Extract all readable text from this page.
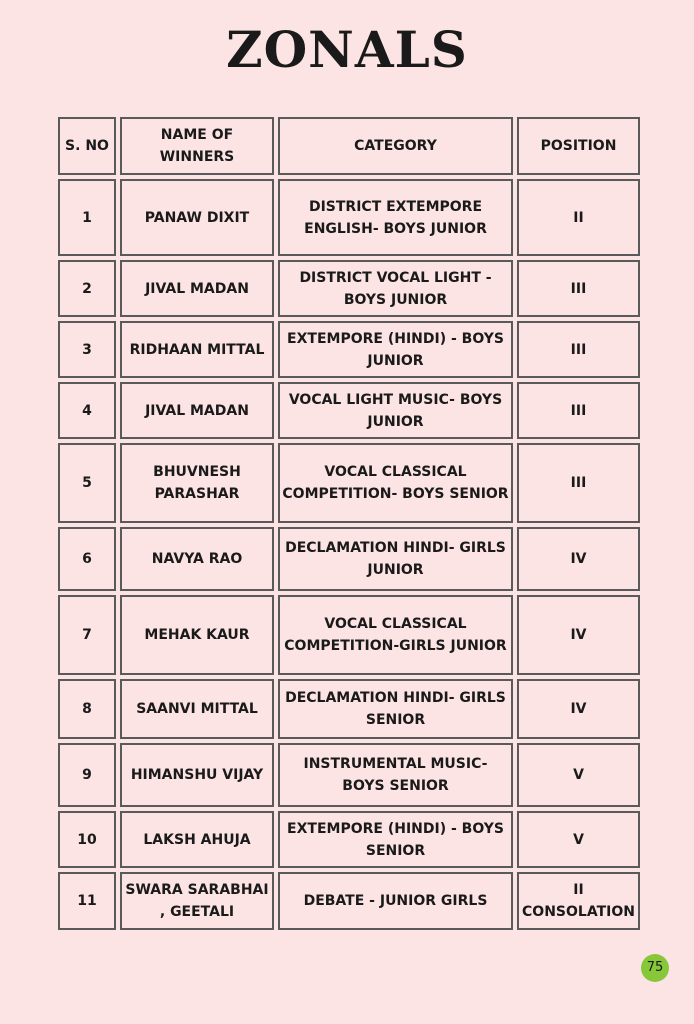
ZONALS
S. NO	NAME OF WINNERS	CATEGORY	POSITION
1	PANAW DIXIT	DISTRICT EXTEMPORE ENGLISH- BOYS JUNIOR	II
2	JIVAL MADAN	DISTRICT VOCAL LIGHT - BOYS JUNIOR	III
3	RIDHAAN MITTAL	EXTEMPORE (HINDI) - BOYS JUNIOR	III
4	JIVAL MADAN	VOCAL LIGHT MUSIC- BOYS JUNIOR	III
5	BHUVNESH PARASHAR	VOCAL CLASSICAL COMPETITION- BOYS SENIOR	III
6	NAVYA RAO	DECLAMATION HINDI- GIRLS JUNIOR	IV
7	MEHAK KAUR	VOCAL CLASSICAL COMPETITION-GIRLS JUNIOR	IV
8	SAANVI MITTAL	DECLAMATION HINDI- GIRLS SENIOR	IV
9	HIMANSHU VIJAY	INSTRUMENTAL MUSIC- BOYS SENIOR	V
10	LAKSH AHUJA	EXTEMPORE (HINDI) - BOYS SENIOR	V
11	SWARA SARABHAI , GEETALI	DEBATE - JUNIOR GIRLS	II CONSOLATION
75
